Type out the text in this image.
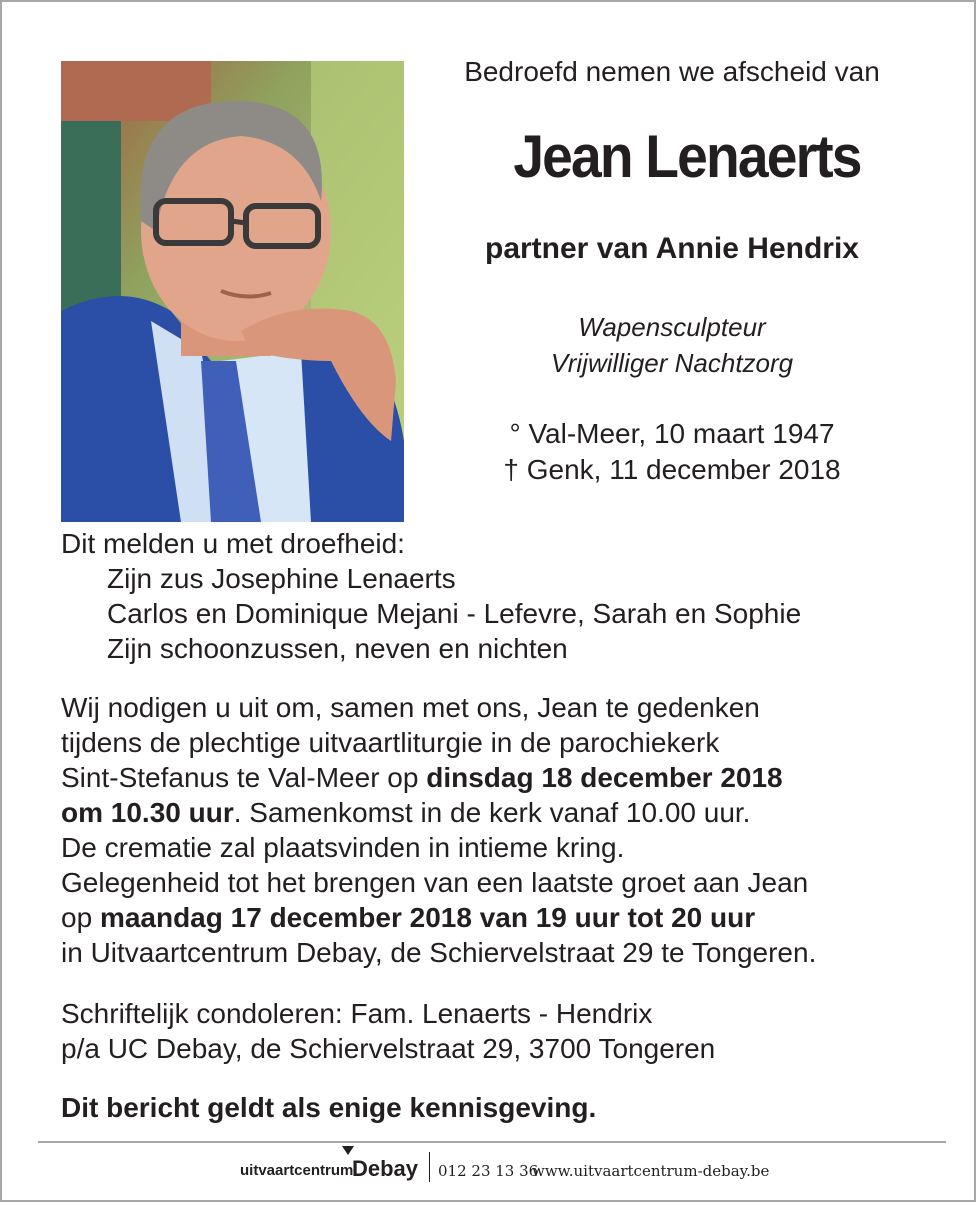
Bedroefd nemen we afscheid van
Jean Lenaerts
partner van Annie Hendrix
Wapensculpteur
Vrijwilliger Nachtzorg
° Val-Meer, 10 maart 1947
† Genk, 11 december 2018
Dit melden u met droefheid:
Zijn zus Josephine Lenaerts
Carlos en Dominique Mejani - Lefevre, Sarah en Sophie
Zijn schoonzussen, neven en nichten
Wij nodigen u uit om, samen met ons, Jean te gedenken
tijdens de plechtige uitvaartliturgie in de parochiekerk
Sint-Stefanus te Val-Meer op dinsdag 18 december 2018
om 10.30 uur. Samenkomst in de kerk vanaf 10.00 uur.
De crematie zal plaatsvinden in intieme kring.
Gelegenheid tot het brengen van een laatste groet aan Jean
op maandag 17 december 2018 van 19 uur tot 20 uur
in Uitvaartcentrum Debay, de Schiervelstraat 29 te Tongeren.
Schriftelijk condoleren: Fam. Lenaerts - Hendrix
p/a UC Debay, de Schiervelstraat 29, 3700 Tongeren
Dit bericht geldt als enige kennisgeving.
uitvaartcentrum
Debay 012 23 13 36
www.uitvaartcentrum-debay.be
